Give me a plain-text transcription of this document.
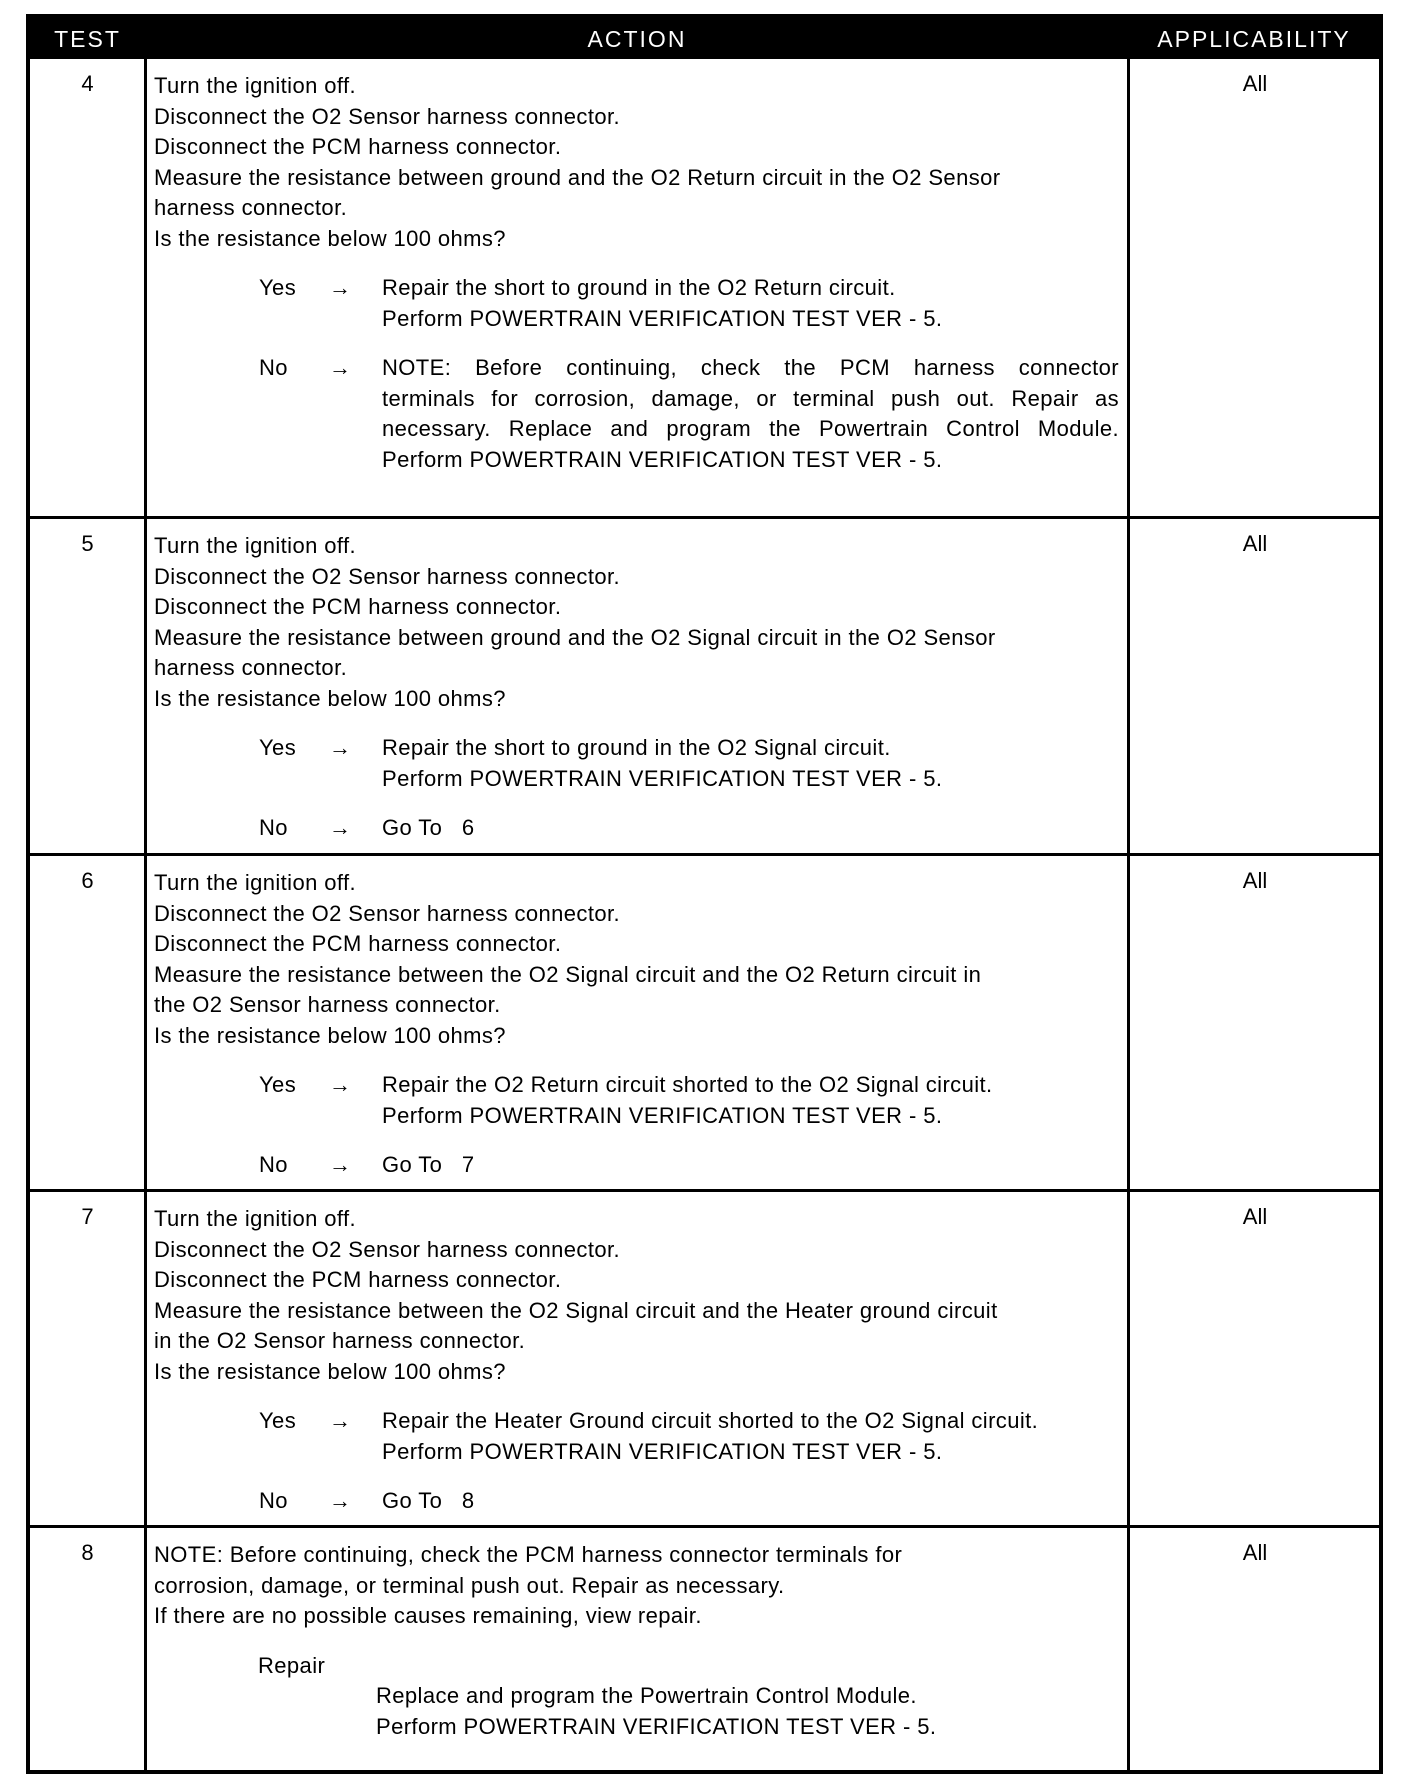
TEST	ACTION	APPLICABILITY
4	Turn the ignition off.
Disconnect the O2 Sensor harness connector.
Disconnect the PCM harness connector.
Measure the resistance between ground and the O2 Return circuit in the O2 Sensor
harness connector.
Is the resistance below 100 ohms?
Yes → Repair the short to ground in the O2 Return circuit.
Perform POWERTRAIN VERIFICATION TEST VER - 5.
No → NOTE: Before continuing, check the PCM harness connector
terminals for corrosion, damage, or terminal push out. Repair as
necessary. Replace and program the Powertrain Control Module.
Perform POWERTRAIN VERIFICATION TEST VER - 5.
All
5	Turn the ignition off.
Disconnect the O2 Sensor harness connector.
Disconnect the PCM harness connector.
Measure the resistance between ground and the O2 Signal circuit in the O2 Sensor
harness connector.
Is the resistance below 100 ohms?
Yes → Repair the short to ground in the O2 Signal circuit.
Perform POWERTRAIN VERIFICATION TEST VER - 5.
No → Go To   6
All
6	Turn the ignition off.
Disconnect the O2 Sensor harness connector.
Disconnect the PCM harness connector.
Measure the resistance between the O2 Signal circuit and the O2 Return circuit in
the O2 Sensor harness connector.
Is the resistance below 100 ohms?
Yes → Repair the O2 Return circuit shorted to the O2 Signal circuit.
Perform POWERTRAIN VERIFICATION TEST VER - 5.
No → Go To   7
All
7	Turn the ignition off.
Disconnect the O2 Sensor harness connector.
Disconnect the PCM harness connector.
Measure the resistance between the O2 Signal circuit and the Heater ground circuit
in the O2 Sensor harness connector.
Is the resistance below 100 ohms?
Yes → Repair the Heater Ground circuit shorted to the O2 Signal circuit.
Perform POWERTRAIN VERIFICATION TEST VER - 5.
No → Go To   8
All
8	NOTE: Before continuing, check the PCM harness connector terminals for
corrosion, damage, or terminal push out. Repair as necessary.
If there are no possible causes remaining, view repair.
Repair
Replace and program the Powertrain Control Module.
Perform POWERTRAIN VERIFICATION TEST VER - 5.
All
